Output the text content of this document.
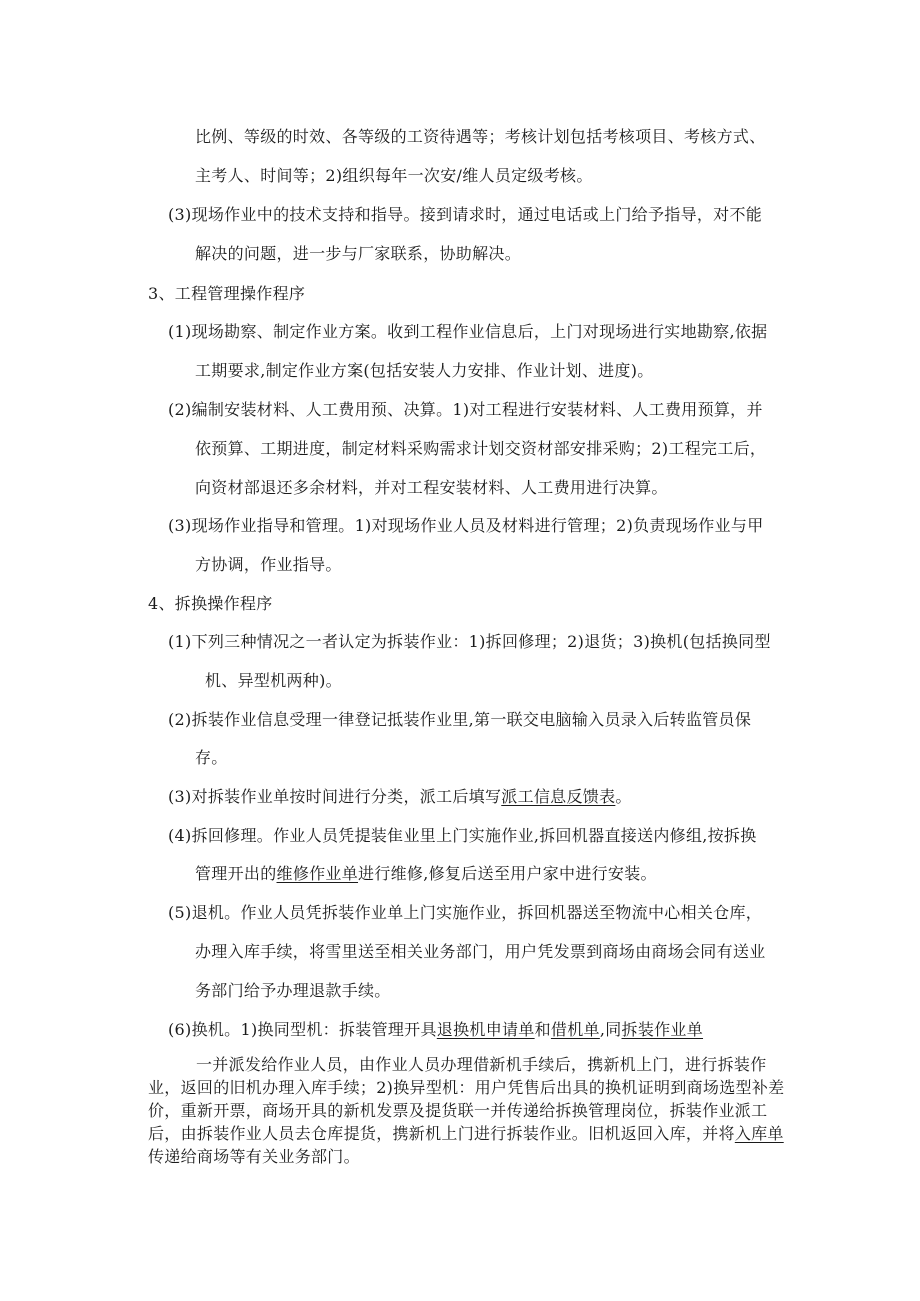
比例、等级的时效、各等级的工资待遇等；考核计划包括考核项目、考核方式、
主考人、时间等；2)组织每年一次安/维人员定级考核。
(3)现场作业中的技术支持和指导。接到请求时，通过电话或上门给予指导，对不能
解决的问题，进一步与厂家联系，协助解决。
3、工程管理操作程序
(1)现场勘察、制定作业方案。收到工程作业信息后，上门对现场进行实地勘察,依据
工期要求,制定作业方案(包括安装人力安排、作业计划、进度)。
(2)编制安装材料、人工费用预、决算。1)对工程进行安装材料、人工费用预算，并
依预算、工期进度，制定材料采购需求计划交资材部安排采购；2)工程完工后，
向资材部退还多余材料，并对工程安装材料、人工费用进行决算。
(3)现场作业指导和管理。1)对现场作业人员及材料进行管理；2)负责现场作业与甲
方协调，作业指导。
4、拆换操作程序
(1)下列三种情况之一者认定为拆装作业：1)拆回修理；2)退货；3)换机(包括换同型
机、异型机两种)。
(2)拆装作业信息受理一律登记抵装作业里,第一联交电脑输入员录入后转监管员保
存。
(3)对拆装作业单按时间进行分类，派工后填写派工信息反馈表。
(4)拆回修理。作业人员凭提装隹业里上门实施作业,拆回机器直接送内修组,按拆换
管理开出的维修作业单进行维修,修复后送至用户家中进行安装。
(5)退机。作业人员凭拆装作业单上门实施作业，拆回机器送至物流中心相关仓库，
办理入库手续，将雪里送至相关业务部门，用户凭发票到商场由商场会同有送业
务部门给予办理退款手续。
(6)换机。1)换同型机：拆装管理开具退换机申请单和借机单,同拆装作业单
一并派发给作业人员，由作业人员办理借新机手续后，携新机上门，进行拆装作业，返回的旧机办理入库手续；2)换异型机：用户凭售后出具的换机证明到商场选型补差价，重新开票，商场开具的新机发票及提货联一并传递给拆换管理岗位，拆装作业派工后，由拆装作业人员去仓库提货，携新机上门进行拆装作业。旧机返回入库，并将入库单传递给商场等有关业务部门。
